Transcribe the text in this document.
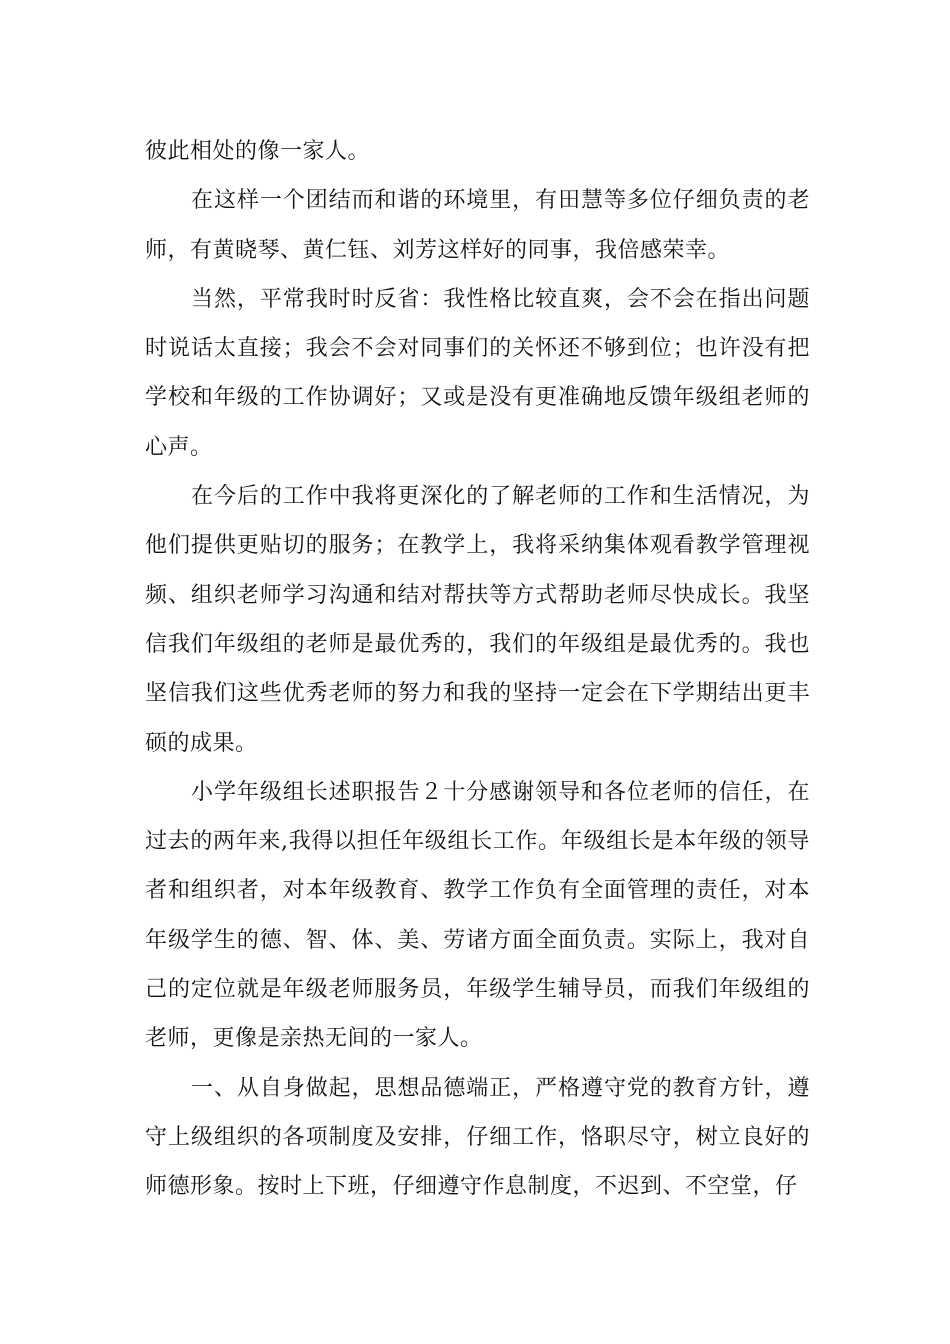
彼此相处的像一家人。

在这样一个团结而和谐的环境里，有田慧等多位仔细负责的老师，有黄晓琴、黄仁钰、刘芳这样好的同事，我倍感荣幸。

当然，平常我时时反省：我性格比较直爽，会不会在指出问题时说话太直接；我会不会对同事们的关怀还不够到位；也许没有把学校和年级的工作协调好；又或是没有更准确地反馈年级组老师的心声。

在今后的工作中我将更深化的了解老师的工作和生活情况，为他们提供更贴切的服务；在教学上，我将采纳集体观看教学管理视频、组织老师学习沟通和结对帮扶等方式帮助老师尽快成长。我坚信我们年级组的老师是最优秀的，我们的年级组是最优秀的。我也坚信我们这些优秀老师的努力和我的坚持一定会在下学期结出更丰硕的成果。

小学年级组长述职报告２十分感谢领导和各位老师的信任，在过去的两年来,我得以担任年级组长工作。年级组长是本年级的领导者和组织者，对本年级教育、教学工作负有全面管理的责任，对本年级学生的德、智、体、美、劳诸方面全面负责。实际上，我对自己的定位就是年级老师服务员，年级学生辅导员，而我们年级组的老师，更像是亲热无间的一家人。

一、从自身做起，思想品德端正，严格遵守党的教育方针，遵守上级组织的各项制度及安排，仔细工作，恪职尽守，树立良好的师德形象。按时上下班，仔细遵守作息制度，不迟到、不空堂，仔
